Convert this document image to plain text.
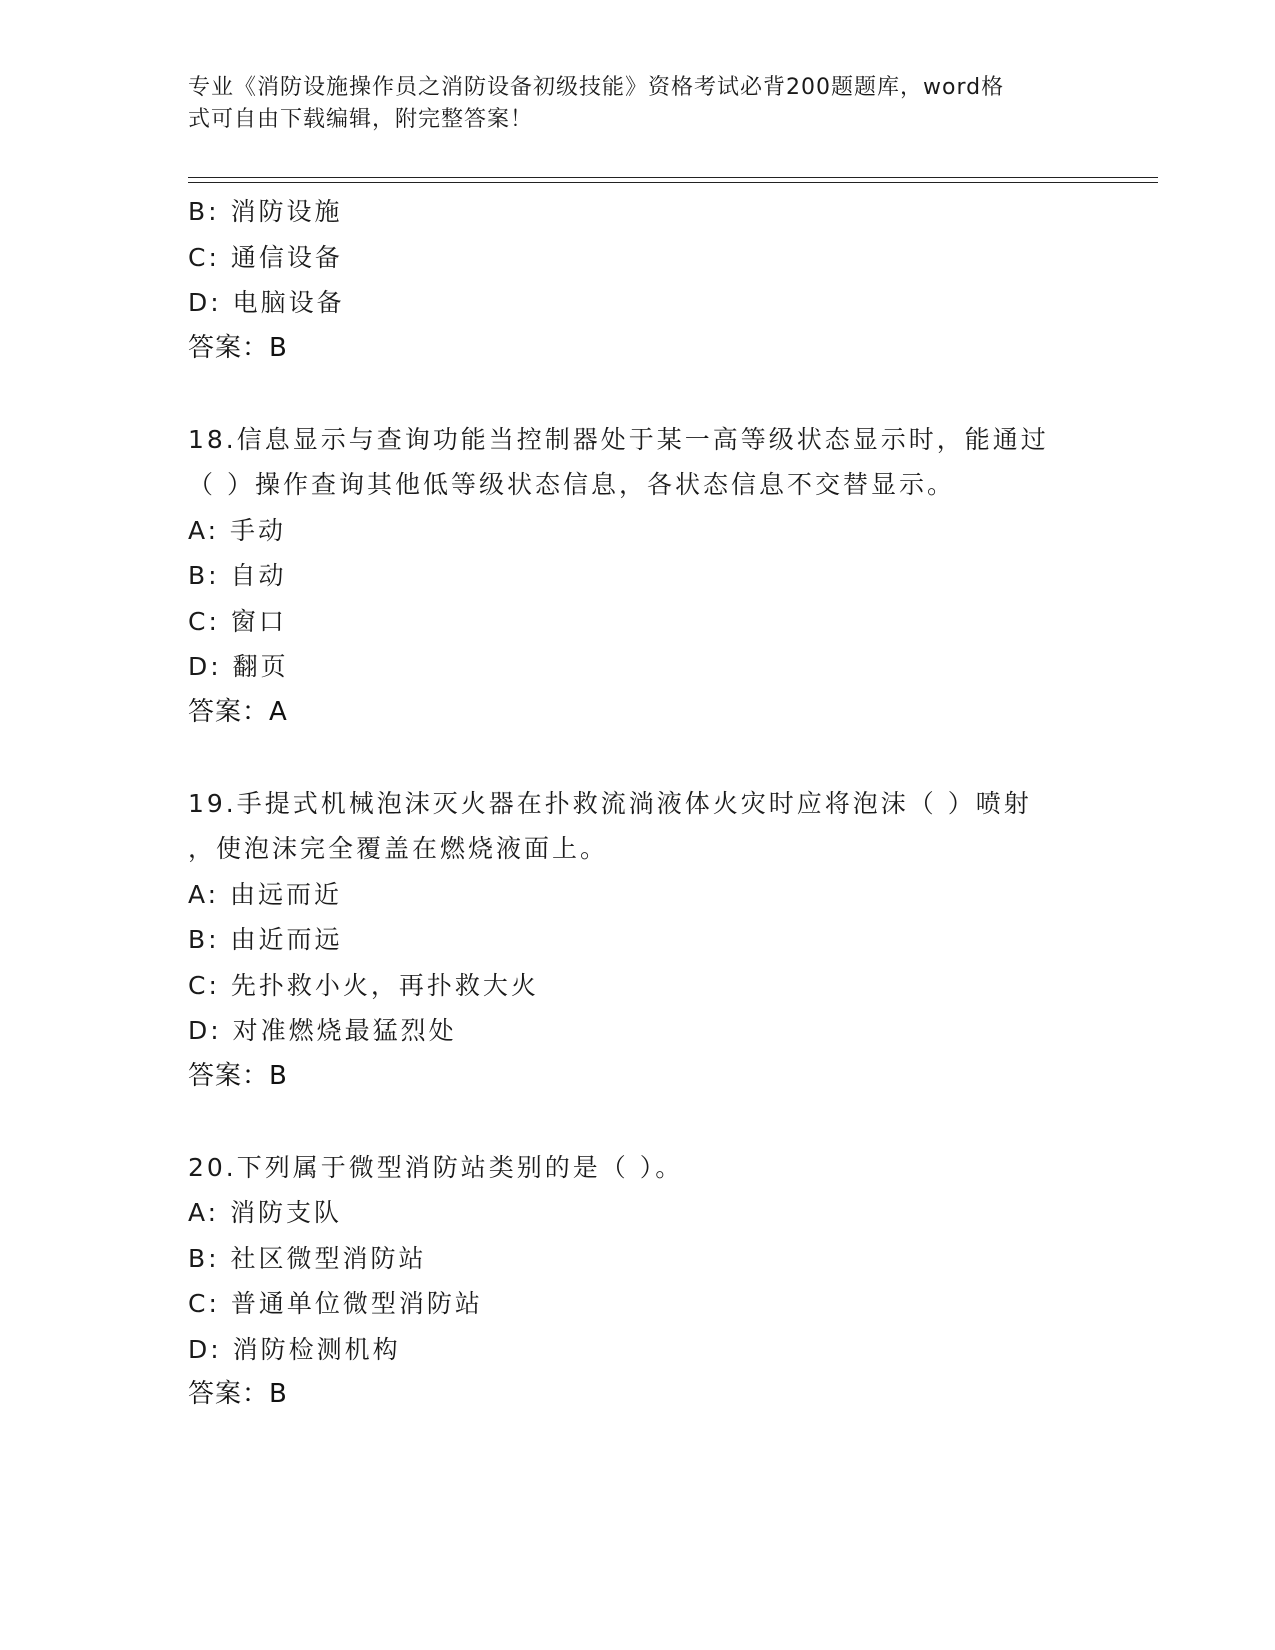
专业《消防设施操作员之消防设备初级技能》资格考试必背200题题库，word格
式可自由下载编辑，附完整答案！
B: 消防设施
C: 通信设备
D: 电脑设备
答案：B
18.信息显示与查询功能当控制器处于某一高等级状态显示时，能通过
（ ）操作查询其他低等级状态信息，各状态信息不交替显示。
A: 手动
B: 自动
C: 窗口
D: 翻页
答案：A
19.手提式机械泡沫灭火器在扑救流淌液体火灾时应将泡沫（ ）喷射
，使泡沫完全覆盖在燃烧液面上。
A: 由远而近
B: 由近而远
C: 先扑救小火，再扑救大火
D: 对准燃烧最猛烈处
答案：B
20.下列属于微型消防站类别的是（ ）。
A: 消防支队
B: 社区微型消防站
C: 普通单位微型消防站
D: 消防检测机构
答案：B
